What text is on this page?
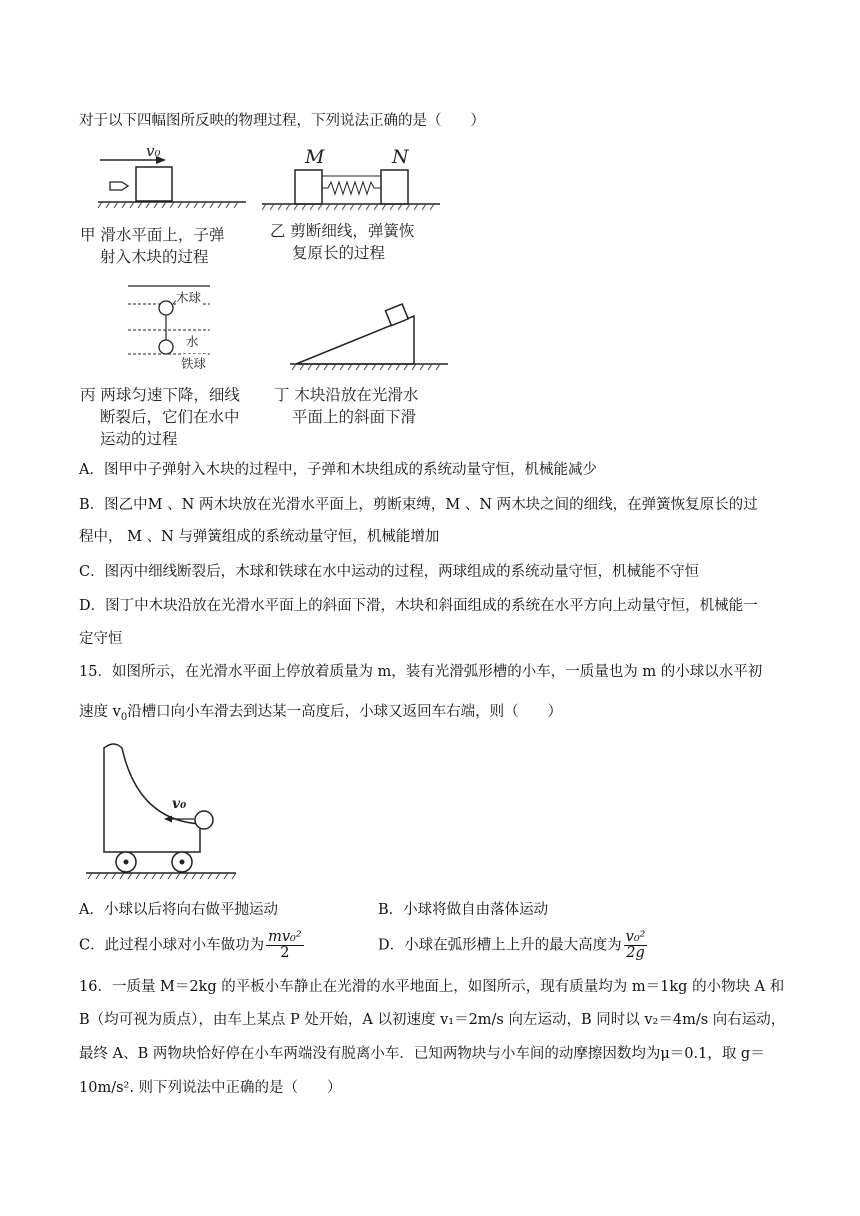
对于以下四幅图所反映的物理过程，下列说法正确的是（　　）
v₀
甲 滑水平面上，子弹
射入木块的过程
M	N
乙 剪断细线，弹簧恢
复原长的过程
木球
水
铁球
丙 两球匀速下降，细线
断裂后，它们在水中
运动的过程
丁 木块沿放在光滑水
平面上的斜面下滑
A．图甲中子弹射入木块的过程中，子弹和木块组成的系统动量守恒，机械能减少
B．图乙中M 、N 两木块放在光滑水平面上，剪断束缚，M 、N 两木块之间的细线，在弹簧恢复原长的过
程中， M 、N 与弹簧组成的系统动量守恒，机械能增加
C．图丙中细线断裂后，木球和铁球在水中运动的过程，两球组成的系统动量守恒，机械能不守恒
D．图丁中木块沿放在光滑水平面上的斜面下滑，木块和斜面组成的系统在水平方向上动量守恒，机械能一
定守恒
15．如图所示，在光滑水平面上停放着质量为 m，装有光滑弧形槽的小车，一质量也为 m 的小球以水平初
速度 $v_0$沿槽口向小车滑去到达某一高度后，小球又返回车右端，则（　　）
v₀
A．小球以后将向右做平抛运动	B．小球将做自由落体运动
C．此过程小球对小车做功为 $\frac{\text{mv₀²}}{2}$	D．小球在弧形槽上上升的最大高度为 $\frac{\text{v₀²}}{2g}$
16．一质量 M＝2kg 的平板小车静止在光滑的水平地面上，如图所示，现有质量均为 m＝1kg 的小物块 A 和
B（均可视为质点），由车上某点 P 处开始，A 以初速度 v₁＝2m/s 向左运动，B 同时以 v₂＝4m/s 向右运动，
最终 A、B 两物块恰好停在小车两端没有脱离小车．已知两物块与小车间的动摩擦因数均为μ＝0.1，取 g＝
10m/s². 则下列说法中正确的是（　　）
